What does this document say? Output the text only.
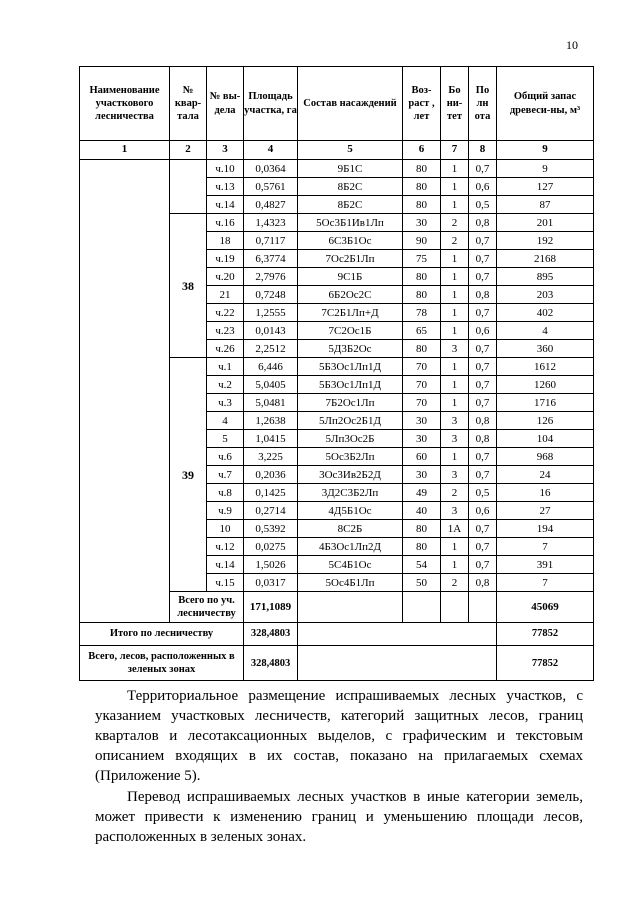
10
Наименование участкового лесничества	№ квар-тала	№ вы-дела	Площадь участка, га	Состав насаждений	Воз-раст , лет	Бо ни-тет	По лн ота	Общий запас древеси-ны, м³
1	2	3	4	5	6	7	8	9
		ч.10	0,0364	9Б1С	80	1	0,7	9
		ч.13	0,5761	8Б2С	80	1	0,6	127
		ч.14	0,4827	8Б2С	80	1	0,5	87
	38	ч.16	1,4323	5Ос3Б1Ив1Лп	30	2	0,8	201
		18	0,7117	6С3Б1Ос	90	2	0,7	192
		ч.19	6,3774	7Ос2Б1Лп	75	1	0,7	2168
		ч.20	2,7976	9С1Б	80	1	0,7	895
		21	0,7248	6Б2Ос2С	80	1	0,8	203
		ч.22	1,2555	7С2Б1Лп+Д	78	1	0,7	402
		ч.23	0,0143	7С2Ос1Б	65	1	0,6	4
		ч.26	2,2512	5Д3Б2Ос	80	3	0,7	360
	39	ч.1	6,446	5Б3Ос1Лп1Д	70	1	0,7	1612
		ч.2	5,0405	5Б3Ос1Лп1Д	70	1	0,7	1260
		ч.3	5,0481	7Б2Ос1Лп	70	1	0,7	1716
		4	1,2638	5Лп2Ос2Б1Д	30	3	0,8	126
		5	1,0415	5Лп3Ос2Б	30	3	0,8	104
		ч.6	3,225	5Ос3Б2Лп	60	1	0,7	968
		ч.7	0,2036	3Ос3Ив2Б2Д	30	3	0,7	24
		ч.8	0,1425	3Д2С3Б2Лп	49	2	0,5	16
		ч.9	0,2714	4Д5Б1Ос	40	3	0,6	27
		10	0,5392	8С2Б	80	1А	0,7	194
		ч.12	0,0275	4Б3Ос1Лп2Д	80	1	0,7	7
		ч.14	1,5026	5С4Б1Ос	54	1	0,7	391
		ч.15	0,0317	5Ос4Б1Лп	50	2	0,8	7
	Всего по уч. лесничеству		171,1089					45069
Итого по лесничеству			328,4803					77852
Всего, лесов, расположенных в зеленых зонах			328,4803					77852

Территориальное размещение испрашиваемых лесных участков, с указанием участковых лесничеств, категорий защитных лесов, границ кварталов и лесотаксационных выделов, с графическим и текстовым описанием входящих в их состав, показано на прилагаемых схемах (Приложение 5).

Перевод испрашиваемых лесных участков в иные категории земель, может привести к изменению границ и уменьшению площади лесов, расположенных в зеленых зонах.
